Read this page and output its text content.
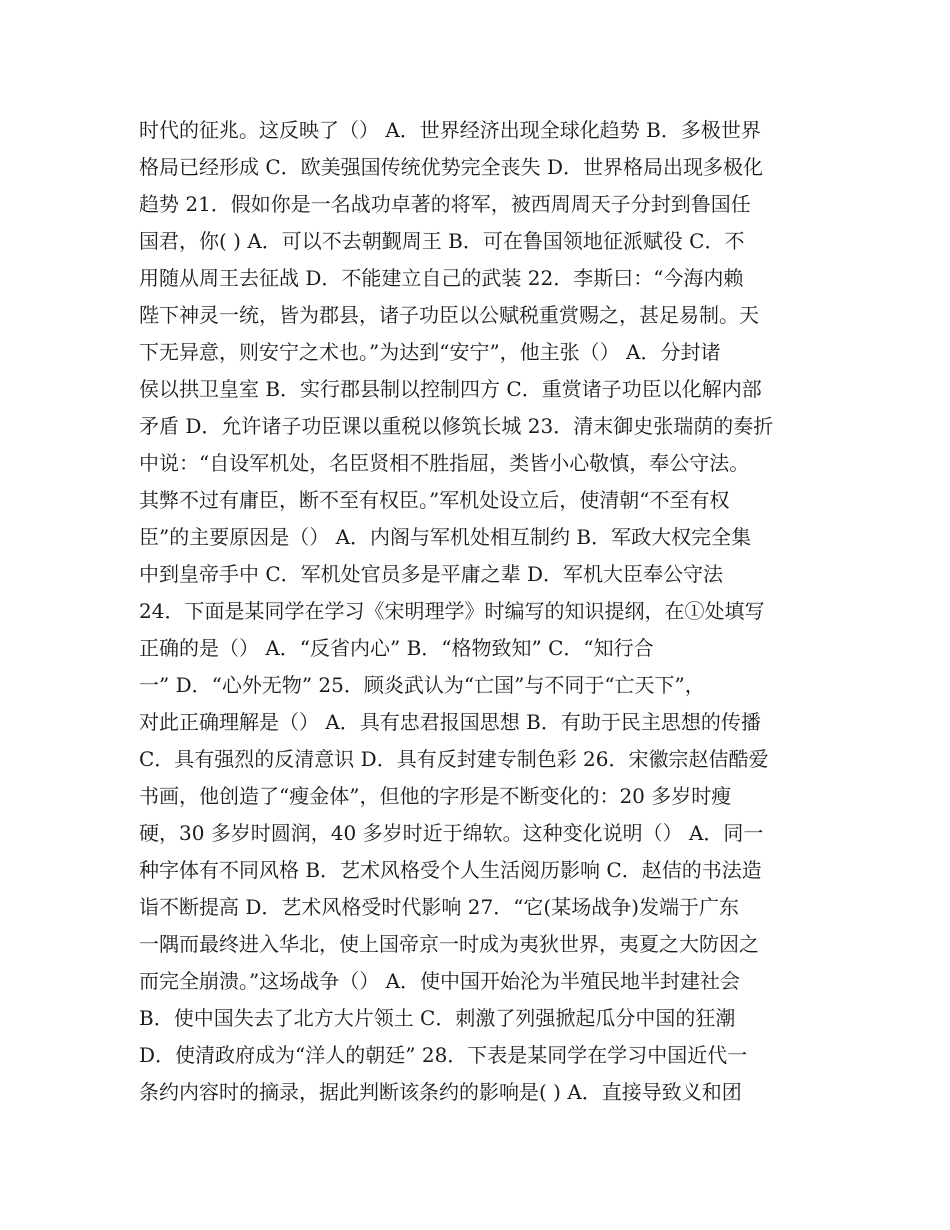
时代的征兆。这反映了（） A．世界经济出现全球化趋势 B．多极世界
格局已经形成 C．欧美强国传统优势完全丧失 D．世界格局出现多极化
趋势 21．假如你是一名战功卓著的将军，被西周周天子分封到鲁国任
国君，你( ) A．可以不去朝觐周王 B．可在鲁国领地征派赋役 C．不
用随从周王去征战 D．不能建立自己的武装 22．李斯曰：“今海内赖
陛下神灵一统，皆为郡县，诸子功臣以公赋税重赏赐之，甚足易制。天
下无异意，则安宁之术也。”为达到“安宁”，他主张（） A．分封诸
侯以拱卫皇室 B．实行郡县制以控制四方 C．重赏诸子功臣以化解内部
矛盾 D．允许诸子功臣课以重税以修筑长城 23．清末御史张瑞荫的奏折
中说：“自设军机处，名臣贤相不胜指屈，类皆小心敬慎，奉公守法。
其弊不过有庸臣，断不至有权臣。”军机处设立后，使清朝“不至有权
臣”的主要原因是（） A．内阁与军机处相互制约 B．军政大权完全集
中到皇帝手中 C．军机处官员多是平庸之辈 D．军机大臣奉公守法
24．下面是某同学在学习《宋明理学》时编写的知识提纲，在①处填写
正确的是（） A．“反省内心” B．“格物致知” C．“知行合
一” D．“心外无物” 25．顾炎武认为“亡国”与不同于“亡天下”，
对此正确理解是（） A．具有忠君报国思想 B．有助于民主思想的传播
C．具有强烈的反清意识 D．具有反封建专制色彩 26．宋徽宗赵佶酷爱
书画，他创造了“瘦金体”，但他的字形是不断变化的：20 多岁时瘦
硬，30 多岁时圆润，40 多岁时近于绵软。这种变化说明（） A．同一
种字体有不同风格 B．艺术风格受个人生活阅历影响 C．赵佶的书法造
诣不断提高 D．艺术风格受时代影响 27．“它(某场战争)发端于广东
一隅而最终进入华北，使上国帝京一时成为夷狄世界，夷夏之大防因之
而完全崩溃。”这场战争（） A．使中国开始沦为半殖民地半封建社会
B．使中国失去了北方大片领土 C．刺激了列强掀起瓜分中国的狂潮
D．使清政府成为“洋人的朝廷” 28．下表是某同学在学习中国近代一
条约内容时的摘录，据此判断该条约的影响是( ) A．直接导致义和团
